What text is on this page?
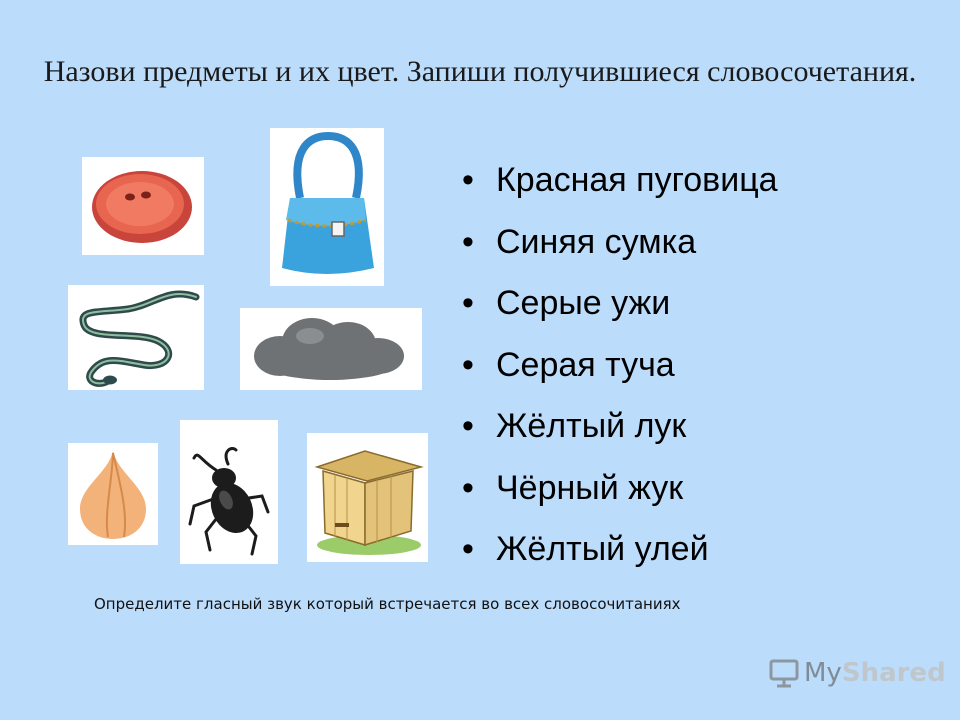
Назови предметы и их цвет. Запиши получившиеся словосочетания.
• Красная пуговица
• Синяя сумка
• Серые ужи
• Серая туча
• Жёлтый лук
• Чёрный жук
• Жёлтый улей
Определите гласный звук который встречается во всех словосочитаниях
My Shared
